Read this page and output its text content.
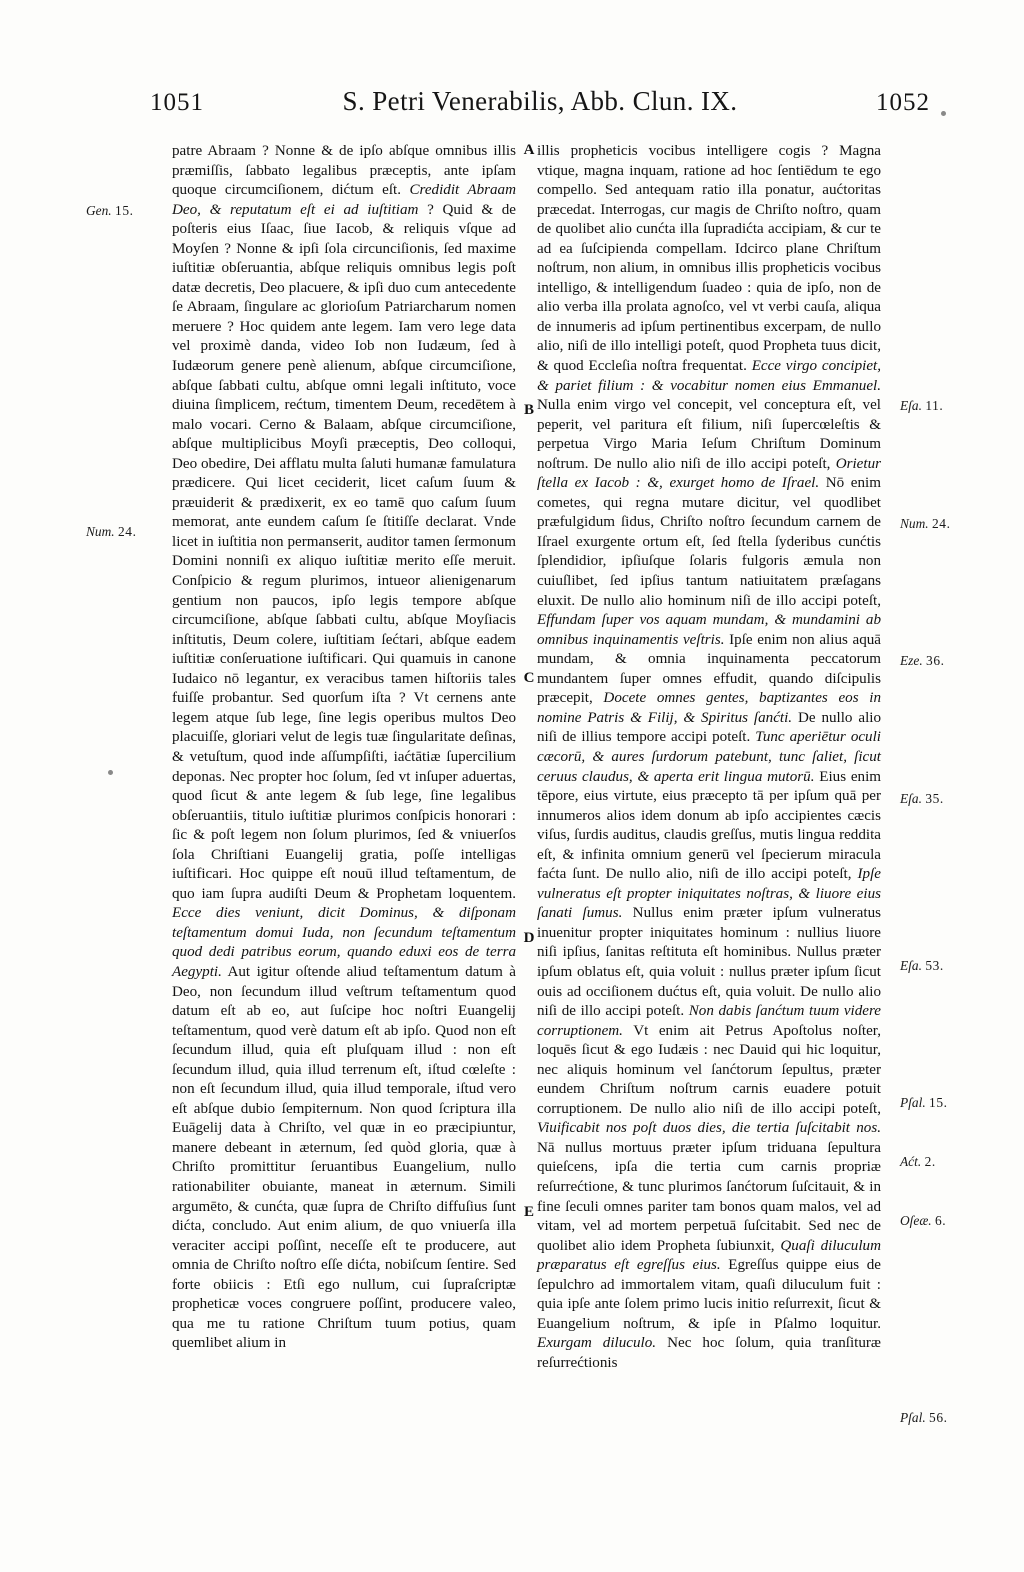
1051	S. Petri Venerabilis, Abb. Clun. IX.	1052

patre Abraam ? Nonne & de ipſo abſque omnibus illis præmiſſis, ſabbato legalibus præceptis, ante ipſam quoque circumciſionem, dićtum eſt. Credidit Abraam Deo, & reputatum eſt ei ad iuſtitiam ? Quid & de poſteris eius Iſaac, ſiue Iacob, & reliquis vſque ad Moyſen ? Nonne & ipſi ſola circunciſionis, ſed maxime iuſtitiæ obſeruantia, abſque reliquis omnibus legis poſt datæ decretis, Deo placuere, & ipſi duo cum antecedente ſe Abraam, ſingulare ac glorioſum Patriarcharum nomen meruere ? Hoc quidem ante legem. Iam vero lege data vel proximè danda, video Iob non Iudæum, ſed à Iudæorum genere penè alienum, abſque circumciſione, abſque ſabbati cultu, abſque omni legali inſtituto, voce diuina ſimplicem, rećtum, timentem Deum, recedētem à malo vocari. Cerno & Balaam, abſque circumciſione, abſque multiplicibus Moyſi præceptis, Deo colloqui, Deo obedire, Dei afflatu multa ſaluti humanæ famulatura prædicere. Qui licet ceciderit, licet caſum ſuum & præuiderit & prædixerit, ex eo tamē quo caſum ſuum memorat, ante eundem caſum ſe ſtitiſſe declarat. Vnde licet in iuſtitia non permanserit, auditor tamen ſermonum Domini nonniſi ex aliquo iuſtitiæ merito eſſe meruit. Conſpicio & regum plurimos, intueor alienigenarum gentium non paucos, ipſo legis tempore abſque circumciſione, abſque ſabbati cultu, abſque Moyſiacis inſtitutis, Deum colere, iuſtitiam ſećtari, abſque eadem iuſtitiæ conſeruatione iuſtificari. Qui quamuis in canone Iudaico nō legantur, ex veracibus tamen hiſtoriis tales fuiſſe probantur. Sed quorſum iſta ? Vt cernens ante legem atque ſub lege, ſine legis operibus multos Deo placuiſſe, gloriari velut de legis tuæ ſingularitate deſinas, & vetuſtum, quod inde aſſumpſiſti, iaćtātiæ ſupercilium deponas. Nec propter hoc ſolum, ſed vt inſuper aduertas, quod ſicut & ante legem & ſub lege, ſine legalibus obſeruantiis, titulo iuſtitiæ plurimos conſpicis honorari : ſic & poſt legem non ſolum plurimos, ſed & vniuerſos ſola Chriſtiani Euangelij gratia, poſſe intelligas iuſtificari. Hoc quippe eſt nouū illud teſtamentum, de quo iam ſupra audiſti Deum & Prophetam loquentem. Ecce dies veniunt, dicit Dominus, & diſponam teſtamentum domui Iuda, non ſecundum teſtamentum quod dedi patribus eorum, quando eduxi eos de terra Aegypti. Aut igitur oſtende aliud teſtamentum datum à Deo, non ſecundum illud veſtrum teſtamentum quod datum eſt ab eo, aut ſuſcipe hoc noſtri Euangelij teſtamentum, quod verè datum eſt ab ipſo. Quod non eſt ſecundum illud, quia eſt pluſquam illud : non eſt ſecundum illud, quia illud terrenum eſt, iſtud cœleſte : non eſt ſecundum illud, quia illud temporale, iſtud vero eſt abſque dubio ſempiternum. Non quod ſcriptura illa Euāgelij data à Chriſto, vel quæ in eo præcipiuntur, manere debeant in æternum, ſed quòd gloria, quæ à Chriſto promittitur ſeruantibus Euangelium, nullo rationabiliter obuiante, maneat in æternum. Simili argumēto, & cunćta, quæ ſupra de Chriſto diffuſius ſunt dićta, concludo. Aut enim alium, de quo vniuerſa illa veraciter accipi poſſint, neceſſe eſt te producere, aut omnia de Chriſto noſtro eſſe dićta, nobiſcum ſentire. Sed forte obiicis : Etſi ego nullum, cui ſupraſcriptæ propheticæ voces congruere poſſint, producere valeo, qua me tu ratione Chriſtum tuum potius, quam quemlibet alium in

illis propheticis vocibus intelligere cogis ? Magna vtique, magna inquam, ratione ad hoc ſentiēdum te ego compello. Sed antequam ratio illa ponatur, aućtoritas præcedat. Interrogas, cur magis de Chriſto noſtro, quam de quolibet alio cunćta illa ſupradićta accipiam, & cur te ad ea ſuſcipienda compellam. Idcirco plane Chriſtum noſtrum, non alium, in omnibus illis propheticis vocibus intelligo, & intelligendum ſuadeo : quia de ipſo, non de alio verba illa prolata agnoſco, vel vt verbi cauſa, aliqua de innumeris ad ipſum pertinentibus excerpam, de nullo alio, niſi de illo intelligi poteſt, quod Propheta tuus dicit, & quod Eccleſia noſtra frequentat. Ecce virgo concipiet, & pariet filium : & vocabitur nomen eius Emmanuel. Nulla enim virgo vel concepit, vel conceptura eſt, vel peperit, vel paritura eſt filium, niſi ſupercœleſtis & perpetua Virgo Maria Ieſum Chriſtum Dominum noſtrum. De nullo alio niſi de illo accipi poteſt, Orietur ſtella ex Iacob : &, exurget homo de Iſrael. Nō enim cometes, qui regna mutare dicitur, vel quodlibet præfulgidum ſidus, Chriſto noſtro ſecundum carnem de Iſrael exurgente ortum eſt, ſed ſtella ſyderibus cunćtis ſplendidior, ipſiuſque ſolaris fulgoris æmula non cuiuſlibet, ſed ipſius tantum natiuitatem præſagans eluxit. De nullo alio hominum niſi de illo accipi poteſt, Effundam ſuper vos aquam mundam, & mundamini ab omnibus inquinamentis veſtris. Ipſe enim non alius aquā mundam, & omnia inquinamenta peccatorum mundantem ſuper omnes effudit, quando diſcipulis præcepit, Docete omnes gentes, baptizantes eos in nomine Patris & Filij, & Spiritus ſanćti. De nullo alio niſi de illius tempore accipi poteſt. Tunc aperiētur oculi cæcorū, & aures ſurdorum patebunt, tunc ſaliet, ſicut ceruus claudus, & aperta erit lingua mutorū. Eius enim tēpore, eius virtute, eius præcepto tā per ipſum quā per innumeros alios idem donum ab ipſo accipientes cæcis viſus, ſurdis auditus, claudis greſſus, mutis lingua reddita eſt, & infinita omnium generū vel ſpecierum miracula faćta ſunt. De nullo alio, niſi de illo accipi poteſt, Ipſe vulneratus eſt propter iniquitates noſtras, & liuore eius ſanati ſumus. Nullus enim præter ipſum vulneratus inuenitur propter iniquitates hominum : nullius liuore niſi ipſius, ſanitas reſtituta eſt hominibus. Nullus præter ipſum oblatus eſt, quia voluit : nullus præter ipſum ſicut ouis ad occiſionem dućtus eſt, quia voluit. De nullo alio niſi de illo accipi poteſt. Non dabis ſanćtum tuum videre corruptionem. Vt enim ait Petrus Apoſtolus noſter, loquēs ſicut & ego Iudæis : nec Dauid qui hic loquitur, nec aliquis hominum vel ſanćtorum ſepultus, præter eundem Chriſtum noſtrum carnis euadere potuit corruptionem. De nullo alio niſi de illo accipi poteſt, Viuificabit nos poſt duos dies, die tertia ſuſcitabit nos. Nā nullus mortuus præter ipſum triduana ſepultura quieſcens, ipſa die tertia cum carnis propriæ reſurrećtione, & tunc plurimos ſanćtorum ſuſcitauit, & in fine ſeculi omnes pariter tam bonos quam malos, vel ad vitam, vel ad mortem perpetuā ſuſcitabit. Sed nec de quolibet alio idem Propheta ſubiunxit, Quaſi diluculum præparatus eſt egreſſus eius. Egreſſus quippe eius de ſepulchro ad immortalem vitam, quaſi diluculum fuit : quia ipſe ante ſolem primo lucis initio reſurrexit, ſicut & Euangelium noſtrum, & ipſe in Pſalmo loquitur. Exurgam diluculo. Nec hoc ſolum, quia tranſituræ reſurrećtionis

Gen. 15.
Num. 24.
Eſa. 11.
Num. 24.
Eze. 36.
Eſa. 35.
Eſa. 53.
Pſal. 15.
Aćt. 2.
Oſeæ. 6.
Pſal. 56.
A
B
C
D
E
